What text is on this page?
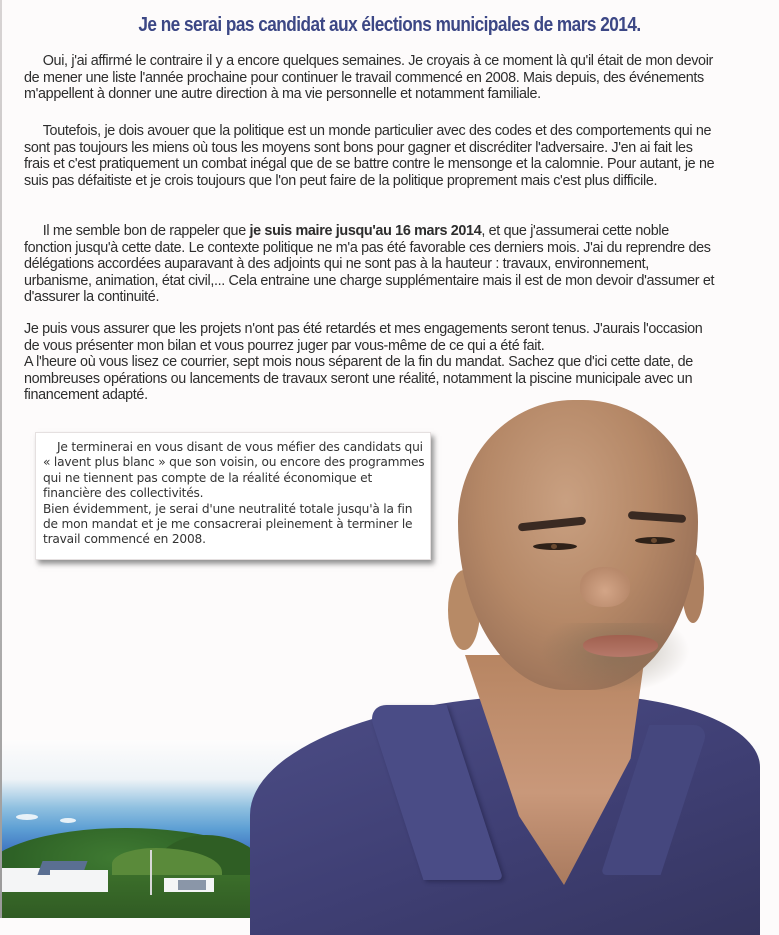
Je ne serai pas candidat aux élections municipales de mars 2014.

Oui, j'ai affirmé le contraire il y a encore quelques semaines. Je croyais à ce moment là qu'il était de mon devoir de mener une liste l'année prochaine pour continuer le travail commencé en 2008. Mais depuis, des événements m'appellent à donner une autre direction à ma vie personnelle et notamment familiale.

Toutefois, je dois avouer que la politique est un monde particulier avec des codes et des comportements qui ne sont pas toujours les miens où tous les moyens sont bons pour gagner et discréditer l'adversaire. J'en ai fait les frais et c'est pratiquement un combat inégal que de se battre contre le mensonge et la calomnie. Pour autant, je ne suis pas défaitiste et je crois toujours que l'on peut faire de la politique proprement mais c'est plus difficile.

Il me semble bon de rappeler que je suis maire jusqu'au 16 mars 2014, et que j'assumerai cette noble fonction jusqu'à cette date. Le contexte politique ne m'a pas été favorable ces derniers mois. J'ai du reprendre des délégations accordées auparavant à des adjoints qui ne sont pas à la hauteur : travaux, environnement, urbanisme, animation, état civil,... Cela entraine une charge supplémentaire mais il est de mon devoir d'assumer et d'assurer la continuité.

Je puis vous assurer que les projets n'ont pas été retardés et mes engagements seront tenus. J'aurais l'occasion de vous présenter mon bilan et vous pourrez juger par vous-même de ce qui a été fait.
A l'heure où vous lisez ce courrier, sept mois nous séparent de la fin du mandat. Sachez que d'ici cette date, de nombreuses opérations ou lancements de travaux seront une réalité, notamment la piscine municipale avec un financement adapté.

Je terminerai en vous disant de vous méfier des candidats qui « lavent plus blanc » que son voisin, ou encore des programmes qui ne tiennent pas compte de la réalité économique et financière des collectivités.
Bien évidemment, je serai d'une neutralité totale jusqu'à la fin de mon mandat et je me consacrerai pleinement à terminer le travail commencé en 2008.
